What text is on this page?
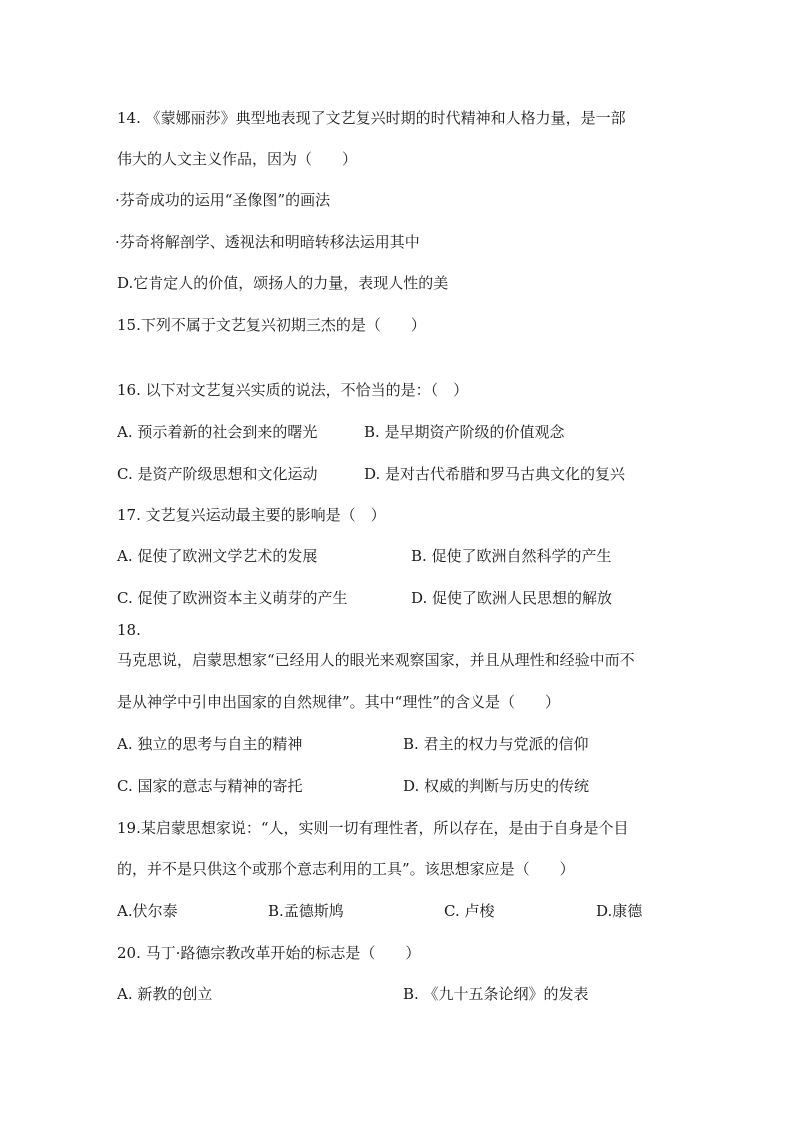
14. 《蒙娜丽莎》典型地表现了文艺复兴时期的时代精神和人格力量，是一部
伟大的人文主义作品，因为（　　）
·芬奇成功的运用“圣像图”的画法
·芬奇将解剖学、透视法和明暗转移法运用其中
D.它肯定人的价值，颂扬人的力量，表现人性的美
15.下列不属于文艺复兴初期三杰的是（　　）
16. 以下对文艺复兴实质的说法，不恰当的是：（　）
A. 预示着新的社会到来的曙光	B. 是早期资产阶级的价值观念
C. 是资产阶级思想和文化运动	D. 是对古代希腊和罗马古典文化的复兴
17. 文艺复兴运动最主要的影响是（　）
A. 促使了欧洲文学艺术的发展	B. 促使了欧洲自然科学的产生
C. 促使了欧洲资本主义萌芽的产生	D. 促使了欧洲人民思想的解放
18.
马克思说，启蒙思想家“已经用人的眼光来观察国家，并且从理性和经验中而不
是从神学中引申出国家的自然规律”。其中“理性”的含义是（　　）
A. 独立的思考与自主的精神	B. 君主的权力与党派的信仰
C. 国家的意志与精神的寄托	D. 权威的判断与历史的传统
19.某启蒙思想家说：“人，实则一切有理性者，所以存在，是由于自身是个目
的，并不是只供这个或那个意志利用的工具”。该思想家应是（　　）
A.伏尔泰	B.孟德斯鸠	C. 卢梭	D.康德
20. 马丁·路德宗教改革开始的标志是（　　）
A. 新教的创立	B. 《九十五条论纲》的发表
